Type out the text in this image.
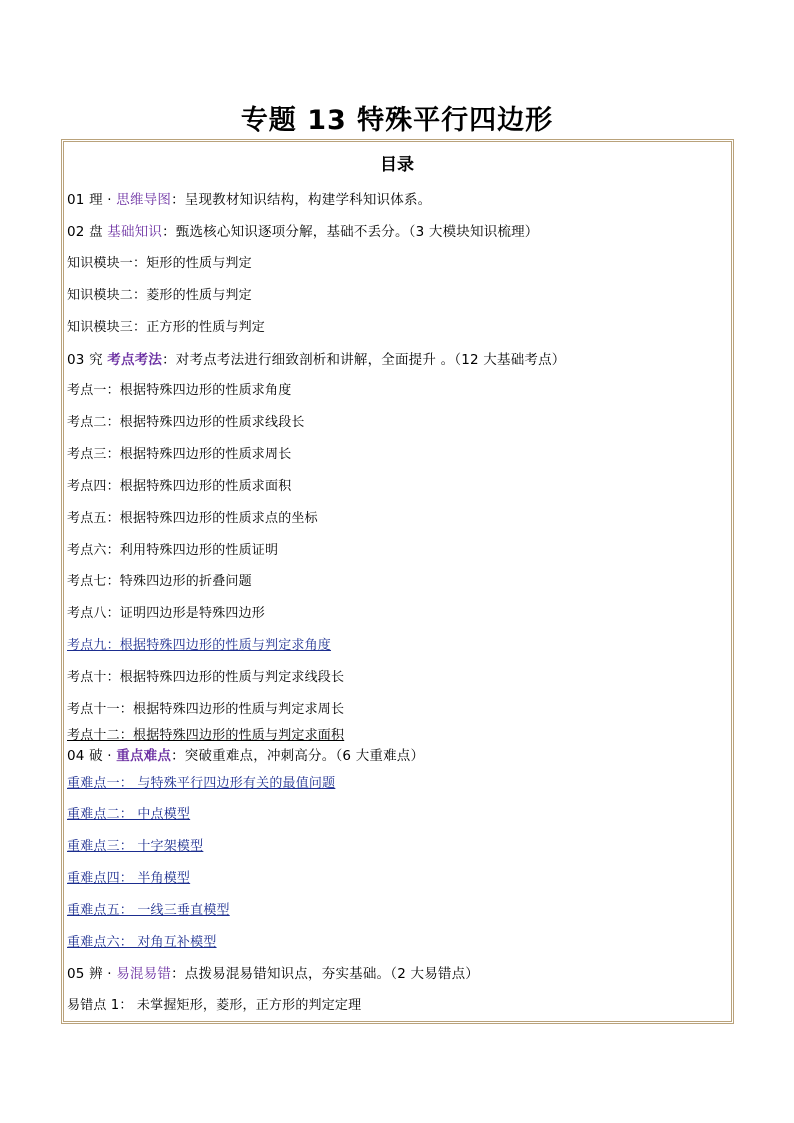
专题 13 特殊平行四边形
目录
01 理 · 思维导图：呈现教材知识结构，构建学科知识体系。
02 盘 基础知识：甄选核心知识逐项分解，基础不丢分。（3 大模块知识梳理）
知识模块一：矩形的性质与判定
知识模块二：菱形的性质与判定
知识模块三：正方形的性质与判定
03 究 考点考法：对考点考法进行细致剖析和讲解，全面提升 。（12 大基础考点）
考点一：根据特殊四边形的性质求角度
考点二：根据特殊四边形的性质求线段长
考点三：根据特殊四边形的性质求周长
考点四：根据特殊四边形的性质求面积
考点五：根据特殊四边形的性质求点的坐标
考点六：利用特殊四边形的性质证明
考点七：特殊四边形的折叠问题
考点八：证明四边形是特殊四边形
考点九：根据特殊四边形的性质与判定求角度
考点十：根据特殊四边形的性质与判定求线段长
考点十一：根据特殊四边形的性质与判定求周长
考点十二：根据特殊四边形的性质与判定求面积
04 破 · 重点难点：突破重难点，冲刺高分。（6 大重难点）
重难点一： 与特殊平行四边形有关的最值问题
重难点二： 中点模型
重难点三： 十字架模型
重难点四： 半角模型
重难点五： 一线三垂直模型
重难点六： 对角互补模型
05 辨 · 易混易错：点拨易混易错知识点，夯实基础。（2 大易错点）
易错点 1： 未掌握矩形，菱形，正方形的判定定理
